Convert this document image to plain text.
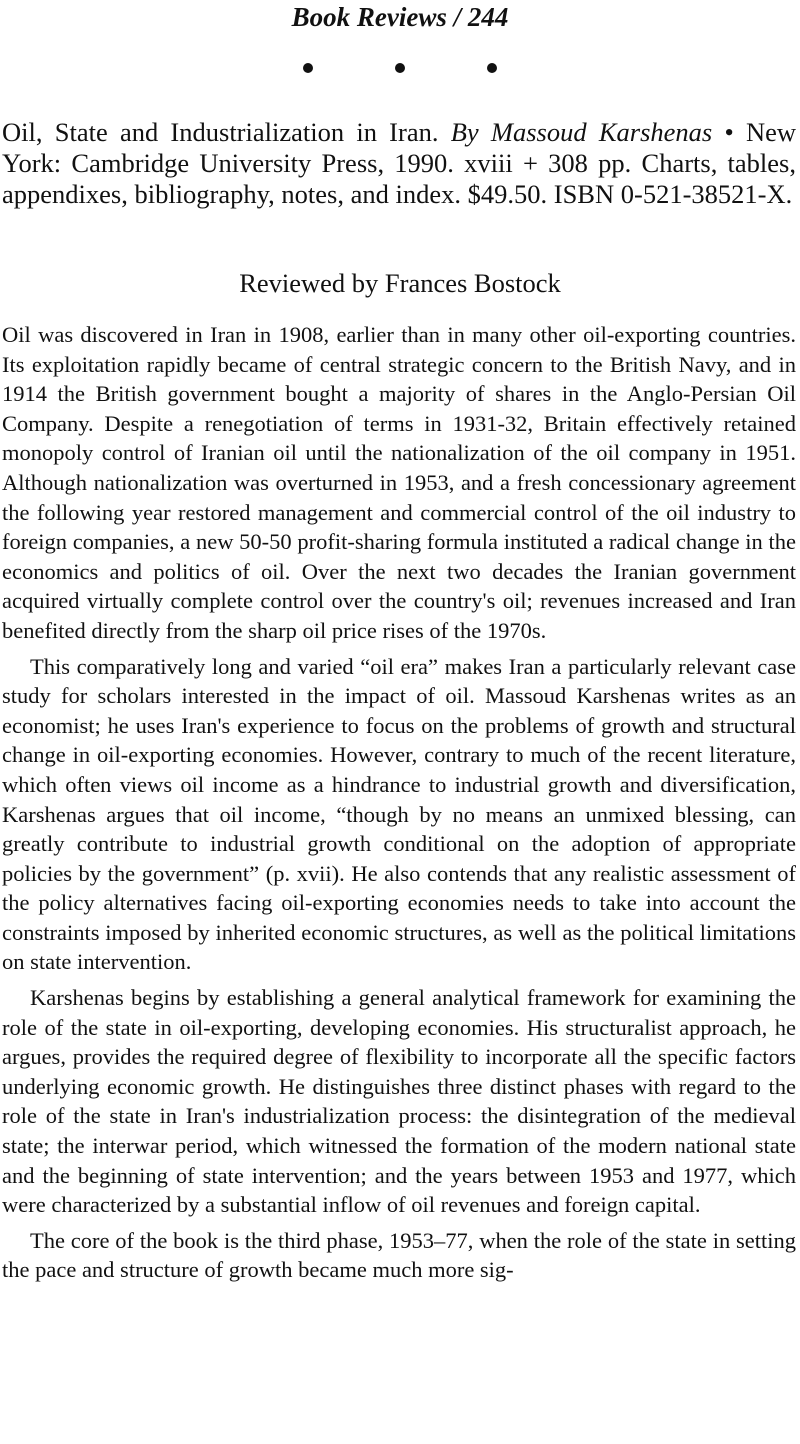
Book Reviews / 244
Oil, State and Industrialization in Iran. By Massoud Karshenas • New York: Cambridge University Press, 1990. xviii + 308 pp. Charts, tables, appendixes, bibliography, notes, and index. $49.50. ISBN 0-521-38521-X.
Reviewed by Frances Bostock

Oil was discovered in Iran in 1908, earlier than in many other oil-exporting countries. Its exploitation rapidly became of central strategic concern to the British Navy, and in 1914 the British government bought a majority of shares in the Anglo-Persian Oil Company. Despite a renegotiation of terms in 1931-32, Britain effectively retained monopoly control of Iranian oil until the nationalization of the oil company in 1951. Although nationalization was overturned in 1953, and a fresh concessionary agreement the following year restored management and commercial control of the oil industry to foreign companies, a new 50-50 profit-sharing formula instituted a radical change in the economics and politics of oil. Over the next two decades the Iranian government acquired virtually complete control over the country's oil; revenues increased and Iran benefited directly from the sharp oil price rises of the 1970s.

This comparatively long and varied “oil era” makes Iran a particularly relevant case study for scholars interested in the impact of oil. Massoud Karshenas writes as an economist; he uses Iran's experience to focus on the problems of growth and structural change in oil-exporting economies. However, contrary to much of the recent literature, which often views oil income as a hindrance to industrial growth and diversification, Karshenas argues that oil income, “though by no means an unmixed blessing, can greatly contribute to industrial growth conditional on the adoption of appropriate policies by the government” (p. xvii). He also contends that any realistic assessment of the policy alternatives facing oil-exporting economies needs to take into account the constraints imposed by inherited economic structures, as well as the political limitations on state intervention.

Karshenas begins by establishing a general analytical framework for examining the role of the state in oil-exporting, developing economies. His structuralist approach, he argues, provides the required degree of flexibility to incorporate all the specific factors underlying economic growth. He distinguishes three distinct phases with regard to the role of the state in Iran's industrialization process: the disintegration of the medieval state; the interwar period, which witnessed the formation of the modern national state and the beginning of state intervention; and the years between 1953 and 1977, which were characterized by a substantial inflow of oil revenues and foreign capital.

The core of the book is the third phase, 1953–77, when the role of the state in setting the pace and structure of growth became much more sig-
